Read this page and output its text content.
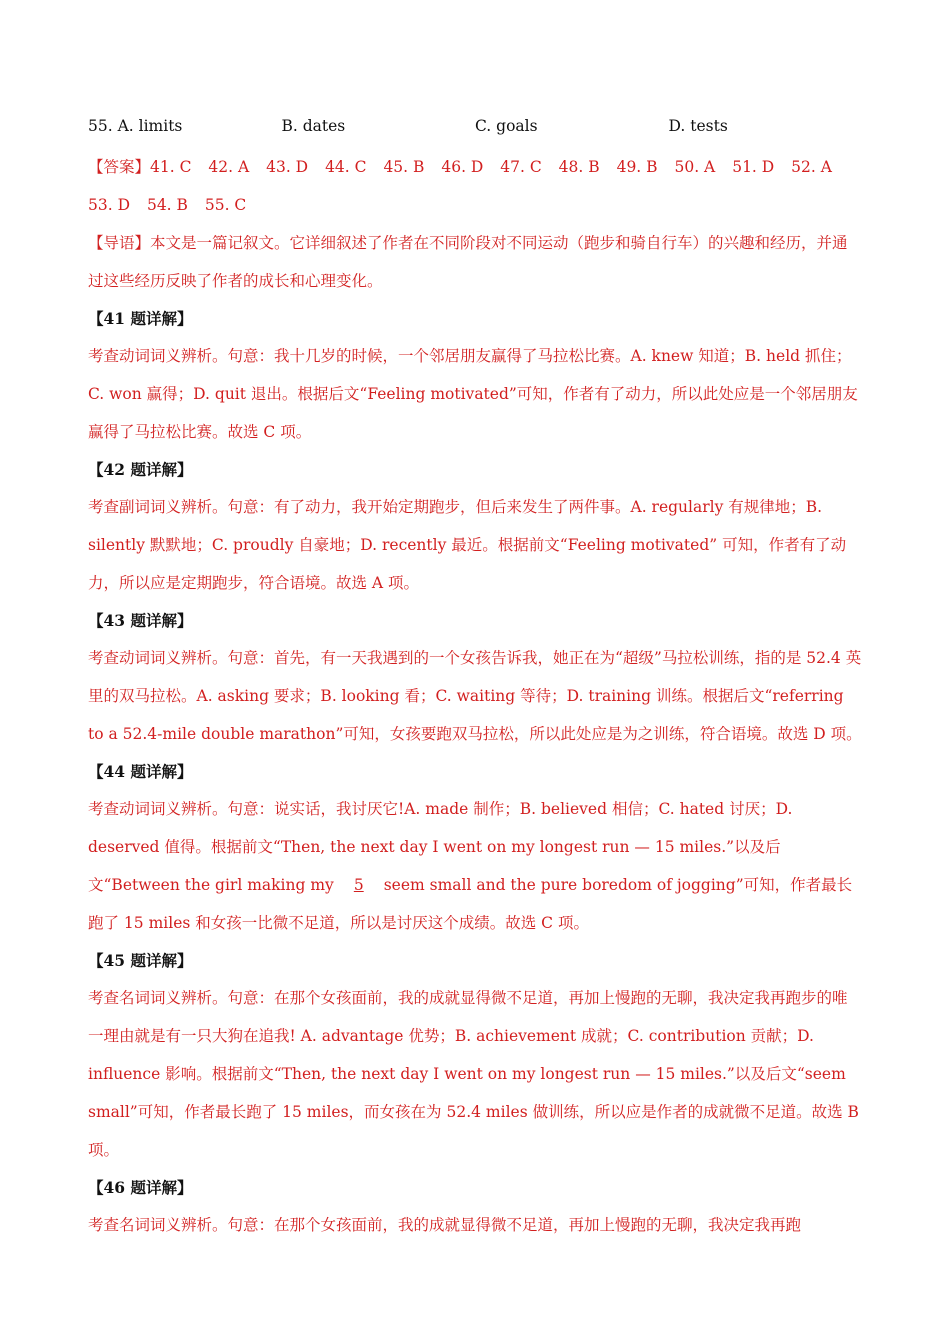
55. A. limits	B. dates	C. goals	D. tests
【答案】41. C 42. A 43. D 44. C 45. B 46. D 47. C 48. B 49. B 50. A 51. D 52. A 53. D 54. B 55. C

【导语】本文是一篇记叙文。它详细叙述了作者在不同阶段对不同运动（跑步和骑自行车）的兴趣和经历，并通过这些经历反映了作者的成长和心理变化。

【41 题详解】

考查动词词义辨析。句意：我十几岁的时候，一个邻居朋友赢得了马拉松比赛。A. knew 知道；B. held 抓住；C. won 赢得；D. quit 退出。根据后文“Feeling motivated”可知，作者有了动力，所以此处应是一个邻居朋友赢得了马拉松比赛。故选 C 项。

【42 题详解】

考查副词词义辨析。句意：有了动力，我开始定期跑步，但后来发生了两件事。A. regularly 有规律地；B. silently 默默地；C. proudly 自豪地；D. recently 最近。根据前文“Feeling motivated” 可知，作者有了动力，所以应是定期跑步，符合语境。故选 A 项。

【43 题详解】

考查动词词义辨析。句意：首先，有一天我遇到的一个女孩告诉我，她正在为“超级”马拉松训练，指的是 52.4 英里的双马拉松。A. asking 要求；B. looking 看；C. waiting 等待；D. training 训练。根据后文“referring to a 52.4-mile double marathon”可知，女孩要跑双马拉松，所以此处应是为之训练，符合语境。故选 D 项。

【44 题详解】

考查动词词义辨析。句意：说实话，我讨厌它!A. made 制作；B. believed 相信；C. hated 讨厌；D. deserved 值得。根据前文“Then, the next day I went on my longest run — 15 miles.”以及后文“Between the girl making my 5 seem small and the pure boredom of jogging”可知，作者最长跑了 15 miles 和女孩一比微不足道，所以是讨厌这个成绩。故选 C 项。

【45 题详解】

考查名词词义辨析。句意：在那个女孩面前，我的成就显得微不足道，再加上慢跑的无聊，我决定我再跑步的唯一理由就是有一只大狗在追我! A. advantage 优势；B. achievement 成就；C. contribution 贡献；D. influence 影响。根据前文“Then, the next day I went on my longest run — 15 miles.”以及后文“seem small”可知，作者最长跑了 15 miles，而女孩在为 52.4 miles 做训练，所以应是作者的成就微不足道。故选 B 项。

【46 题详解】

考查名词词义辨析。句意：在那个女孩面前，我的成就显得微不足道，再加上慢跑的无聊，我决定我再跑
